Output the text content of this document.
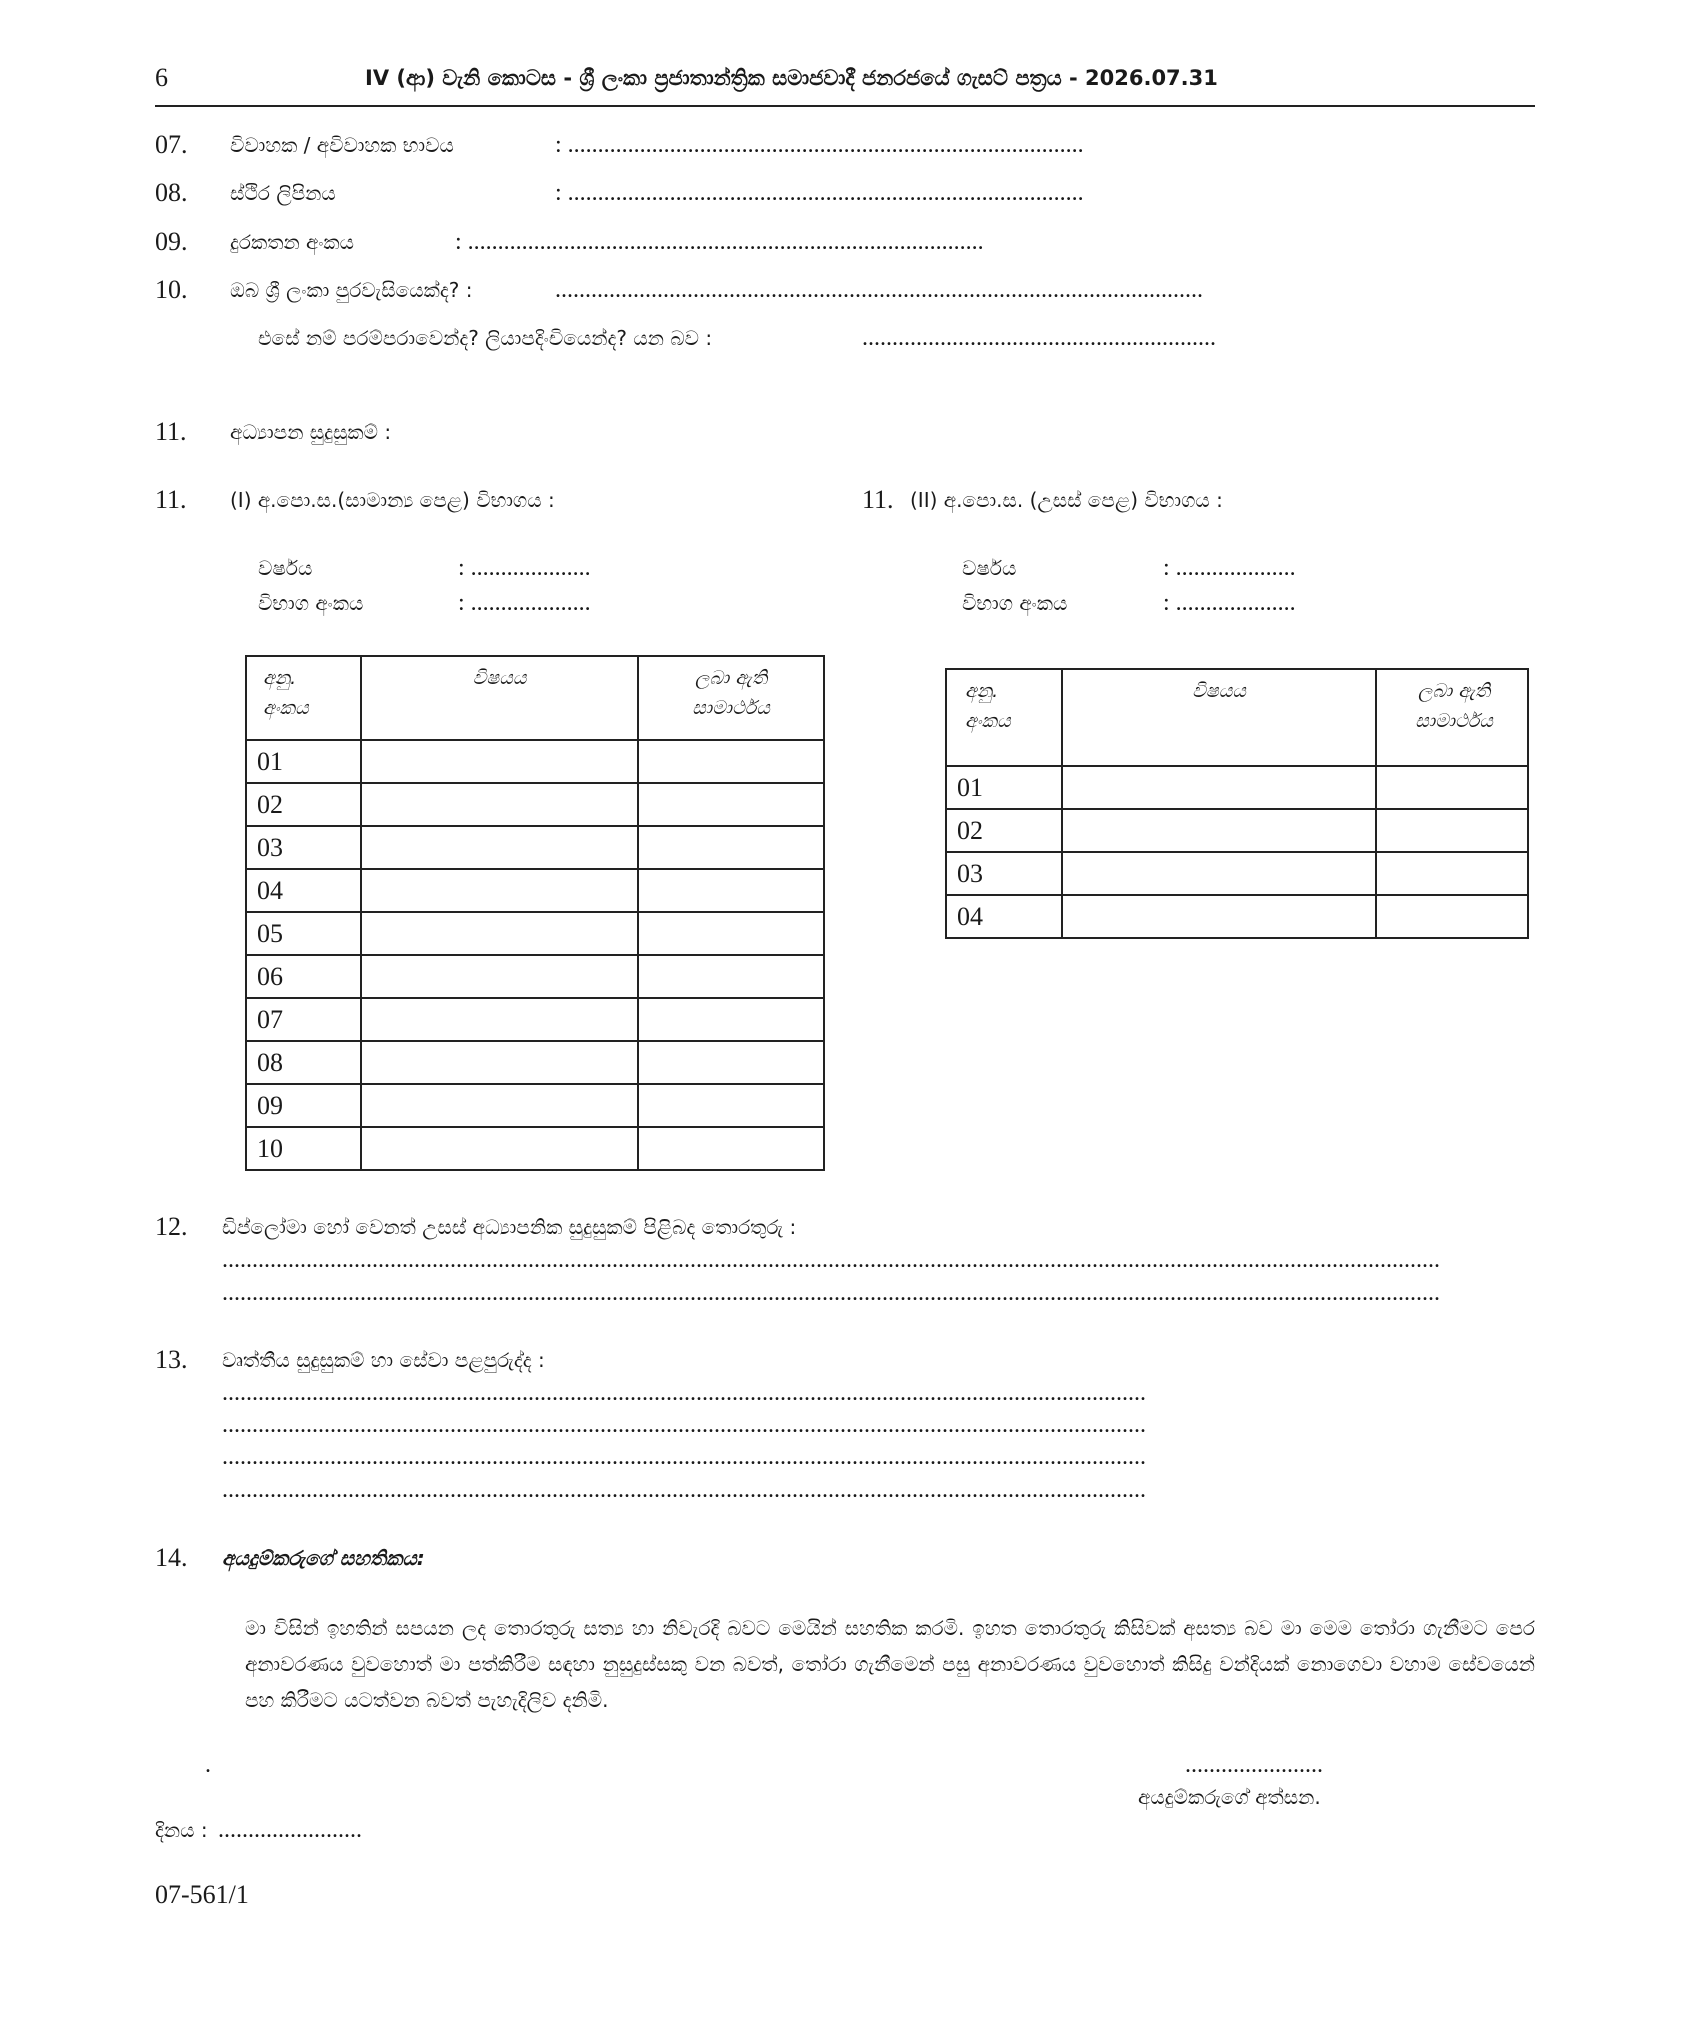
6	IV (ආ) වැනි කොටස - ශ්‍රී ලංකා ප්‍රජාතාන්ත්‍රික සමාජවාදී ජනරජයේ ගැසට් පත්‍රය - 2026.07.31
07. විවාහක / අවිවාහක භාවය	: ......................................................................................
08. ස්ථිර ලිපිනය	: ......................................................................................
09. දුරකතන අංකය	: ......................................................................................
10. ඔබ ශ්‍රී ලංකා පුරවැසියෙක්ද? :	............................................................................................................
එසේ නම් පරම්පරාවෙන්ද? ලියාපදිංචියෙන්ද? යන බව :	...........................................................
11. අධ්‍යාපන සුදුසුකම් :
11. (I) අ.පො.ස.(සාමාන්‍ය පෙළ) විභාගය :
වර්ෂය	: ....................
විභාග අංකය	: ....................
අනු. අංකය	විෂයය	ලබා ඇති සාමාර්ථය
01		
02		
03		
04		
05		
06		
07		
08		
09		
10		
11. (II) අ.පො.ස. (උසස් පෙළ) විභාගය :
වර්ෂය	: ....................
විභාග අංකය	: ....................
අනු. අංකය	විෂයය	ලබා ඇති සාමාර්ථය
01		
02		
03		
04		
12. ඩිප්ලෝමා හෝ වෙනත් උසස් අධ්‍යාපනික සුදුසුකම් පිළිබද තොරතුරු :
...........................................................................................................................................................................................................
...........................................................................................................................................................................................................
13. වෘත්තීය සුදුසුකම් හා සේවා පළපුරුද්ද :
..........................................................................................................................................................
..........................................................................................................................................................
..........................................................................................................................................................
..........................................................................................................................................................
14. අයදුම්කරුගේ සහතිකය:
මා විසින් ඉහතින් සපයන ලද තොරතුරු සත්‍ය හා නිවැරදි බවට මෙයින් සහතික කරමි. ඉහත තොරතුරු කිසිවක් අසත්‍ය බව මා මෙම තෝරා ගැනීමට පෙර අනාවරණය වුවහොත් මා පත්කිරීම සඳහා නුසුදුස්සකු වන බවත්, තෝරා ගැනීමෙන් පසු අනාවරණය වුවහොත් කිසිදු වන්දියක් නොගෙවා වහාම සේවයෙන් පහ කිරීමට යටත්වන බවත් පැහැදිලිව දනිමි.
.	.......................
අයදුම්කරුගේ අත්සන.
දිනය : ........................
07-561/1
